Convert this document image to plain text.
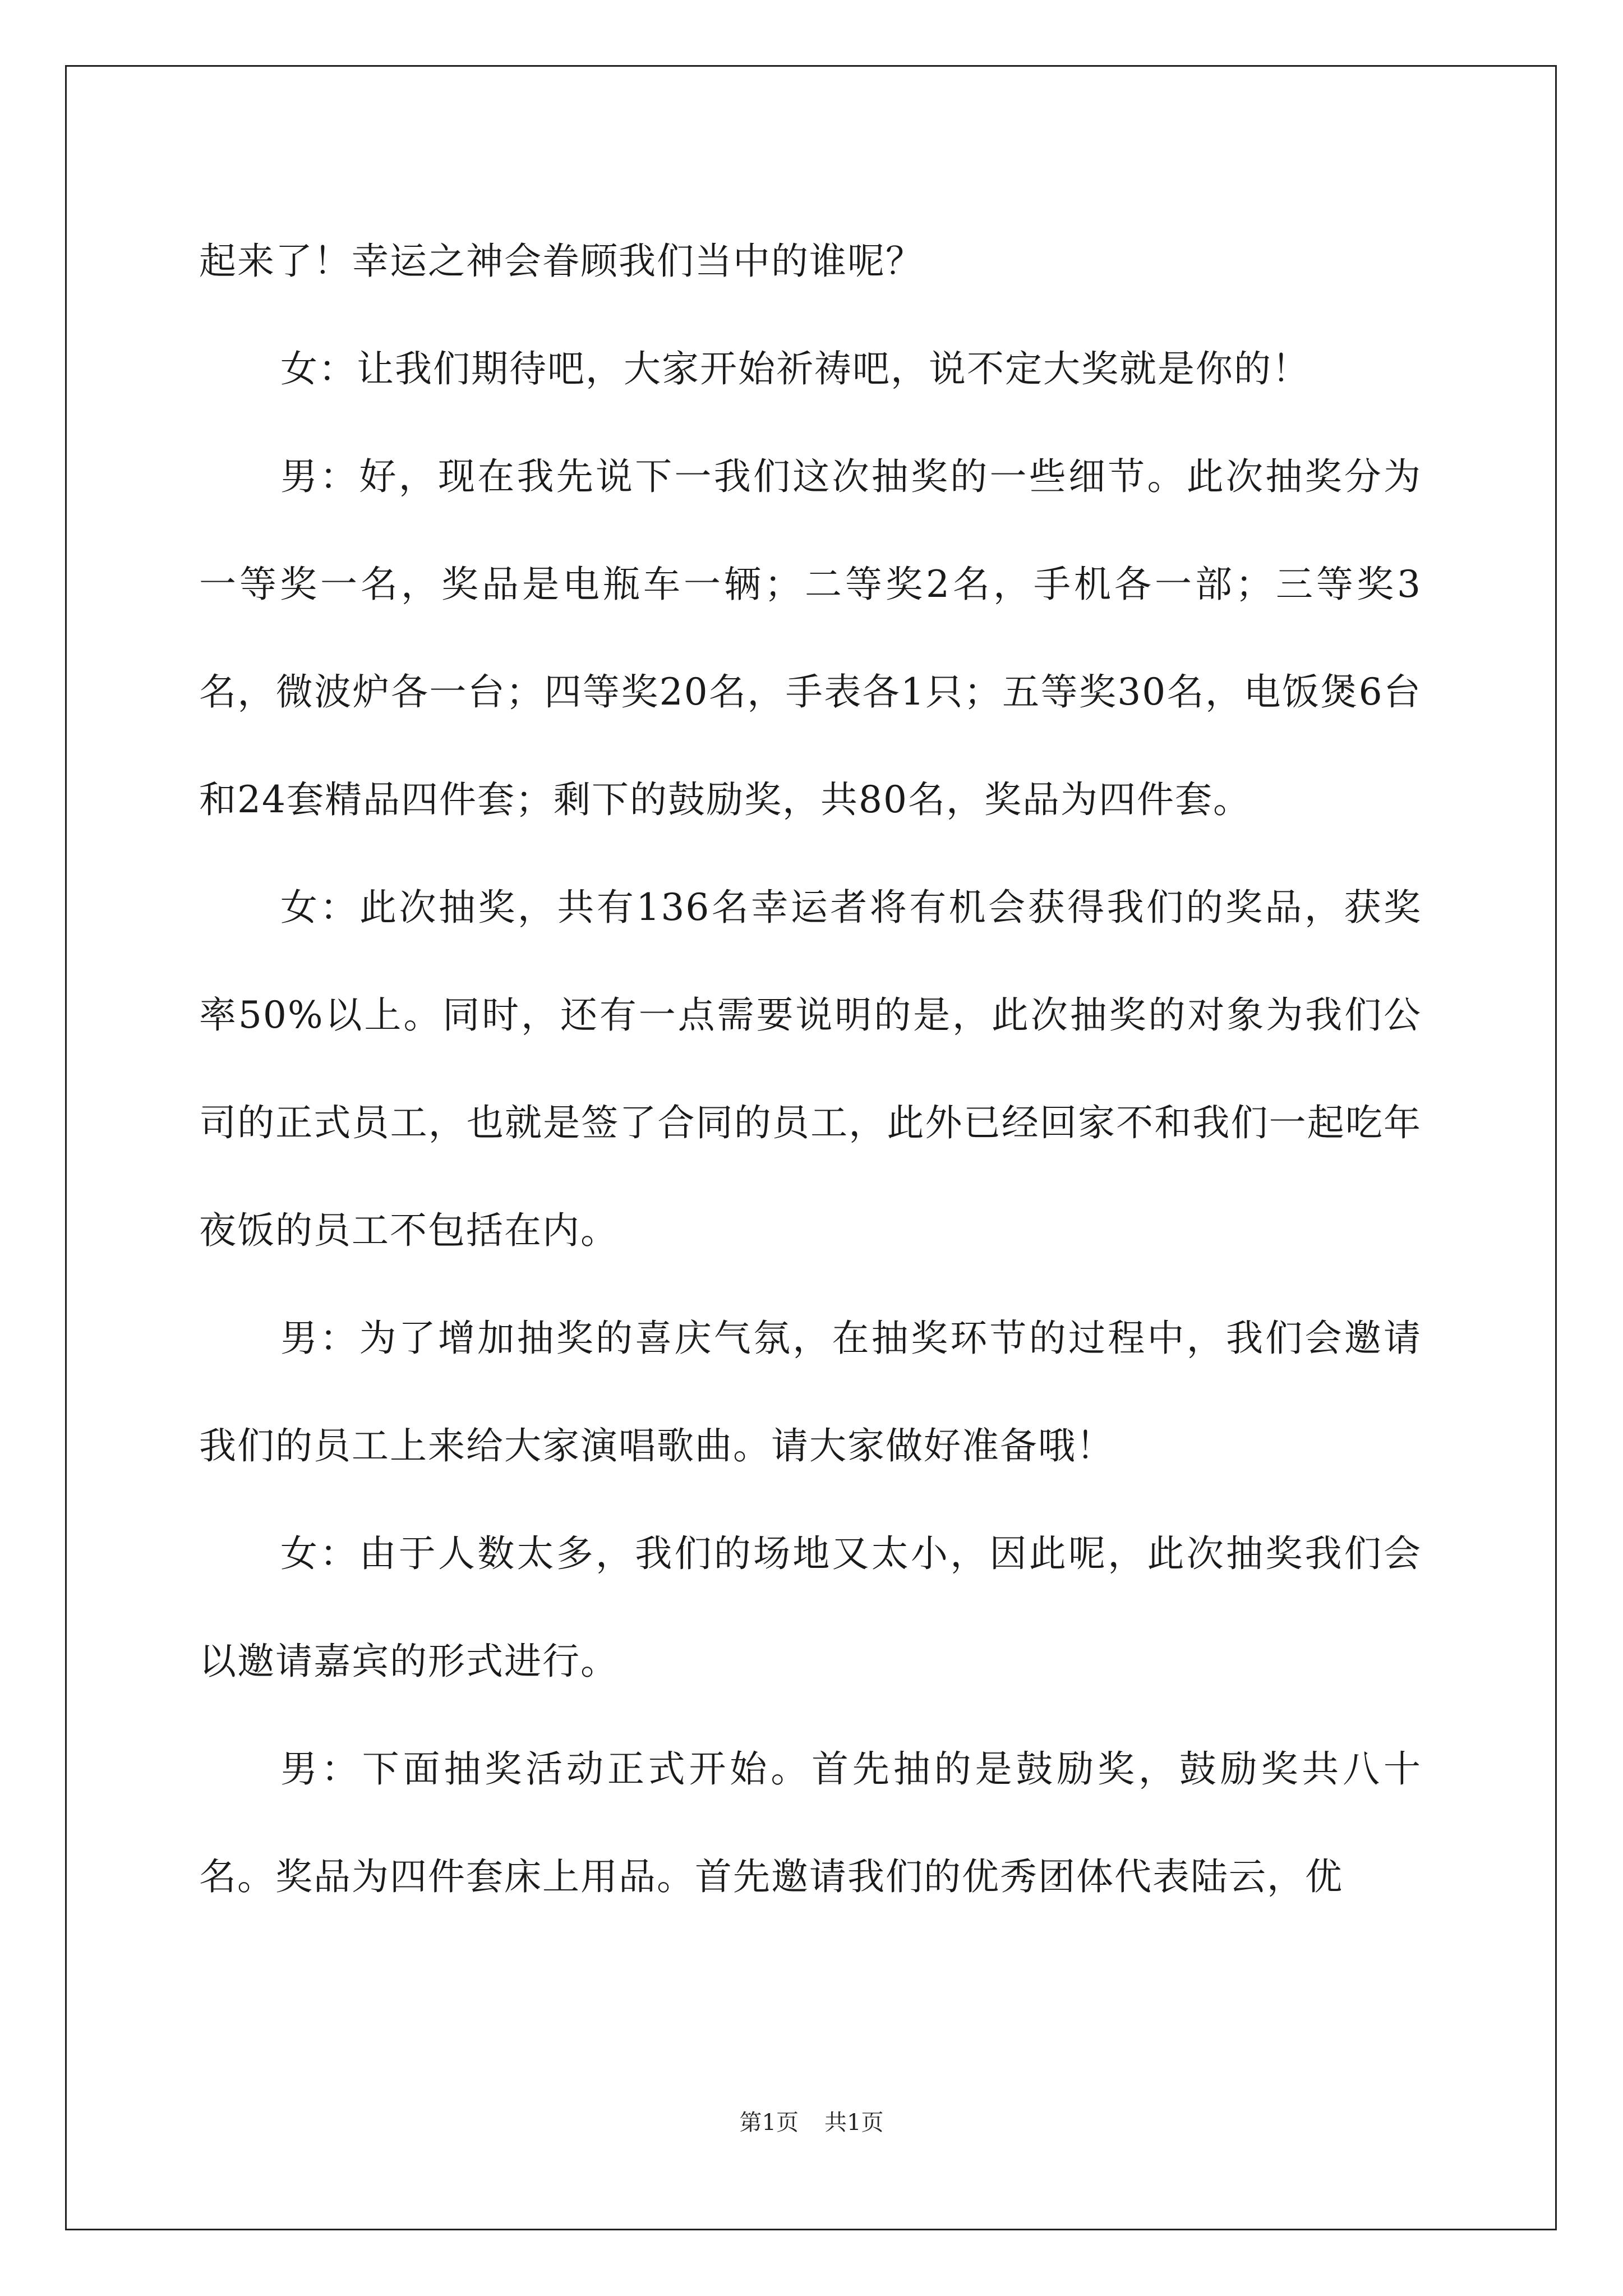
起来了！幸运之神会眷顾我们当中的谁呢？

女：让我们期待吧，大家开始祈祷吧，说不定大奖就是你的！

男：好，现在我先说下一我们这次抽奖的一些细节。此次抽奖分为一等奖一名，奖品是电瓶车一辆；二等奖2名，手机各一部；三等奖3名，微波炉各一台；四等奖20名，手表各1只；五等奖30名，电饭煲6台和24套精品四件套；剩下的鼓励奖，共80名，奖品为四件套。

女：此次抽奖，共有136名幸运者将有机会获得我们的奖品，获奖率50%以上。同时，还有一点需要说明的是，此次抽奖的对象为我们公司的正式员工，也就是签了合同的员工，此外已经回家不和我们一起吃年夜饭的员工不包括在内。

男：为了增加抽奖的喜庆气氛，在抽奖环节的过程中，我们会邀请我们的员工上来给大家演唱歌曲。请大家做好准备哦！

女：由于人数太多，我们的场地又太小，因此呢，此次抽奖我们会以邀请嘉宾的形式进行。

男：下面抽奖活动正式开始。首先抽的是鼓励奖，鼓励奖共八十名。奖品为四件套床上用品。首先邀请我们的优秀团体代表陆云，优

第1页 共1页
